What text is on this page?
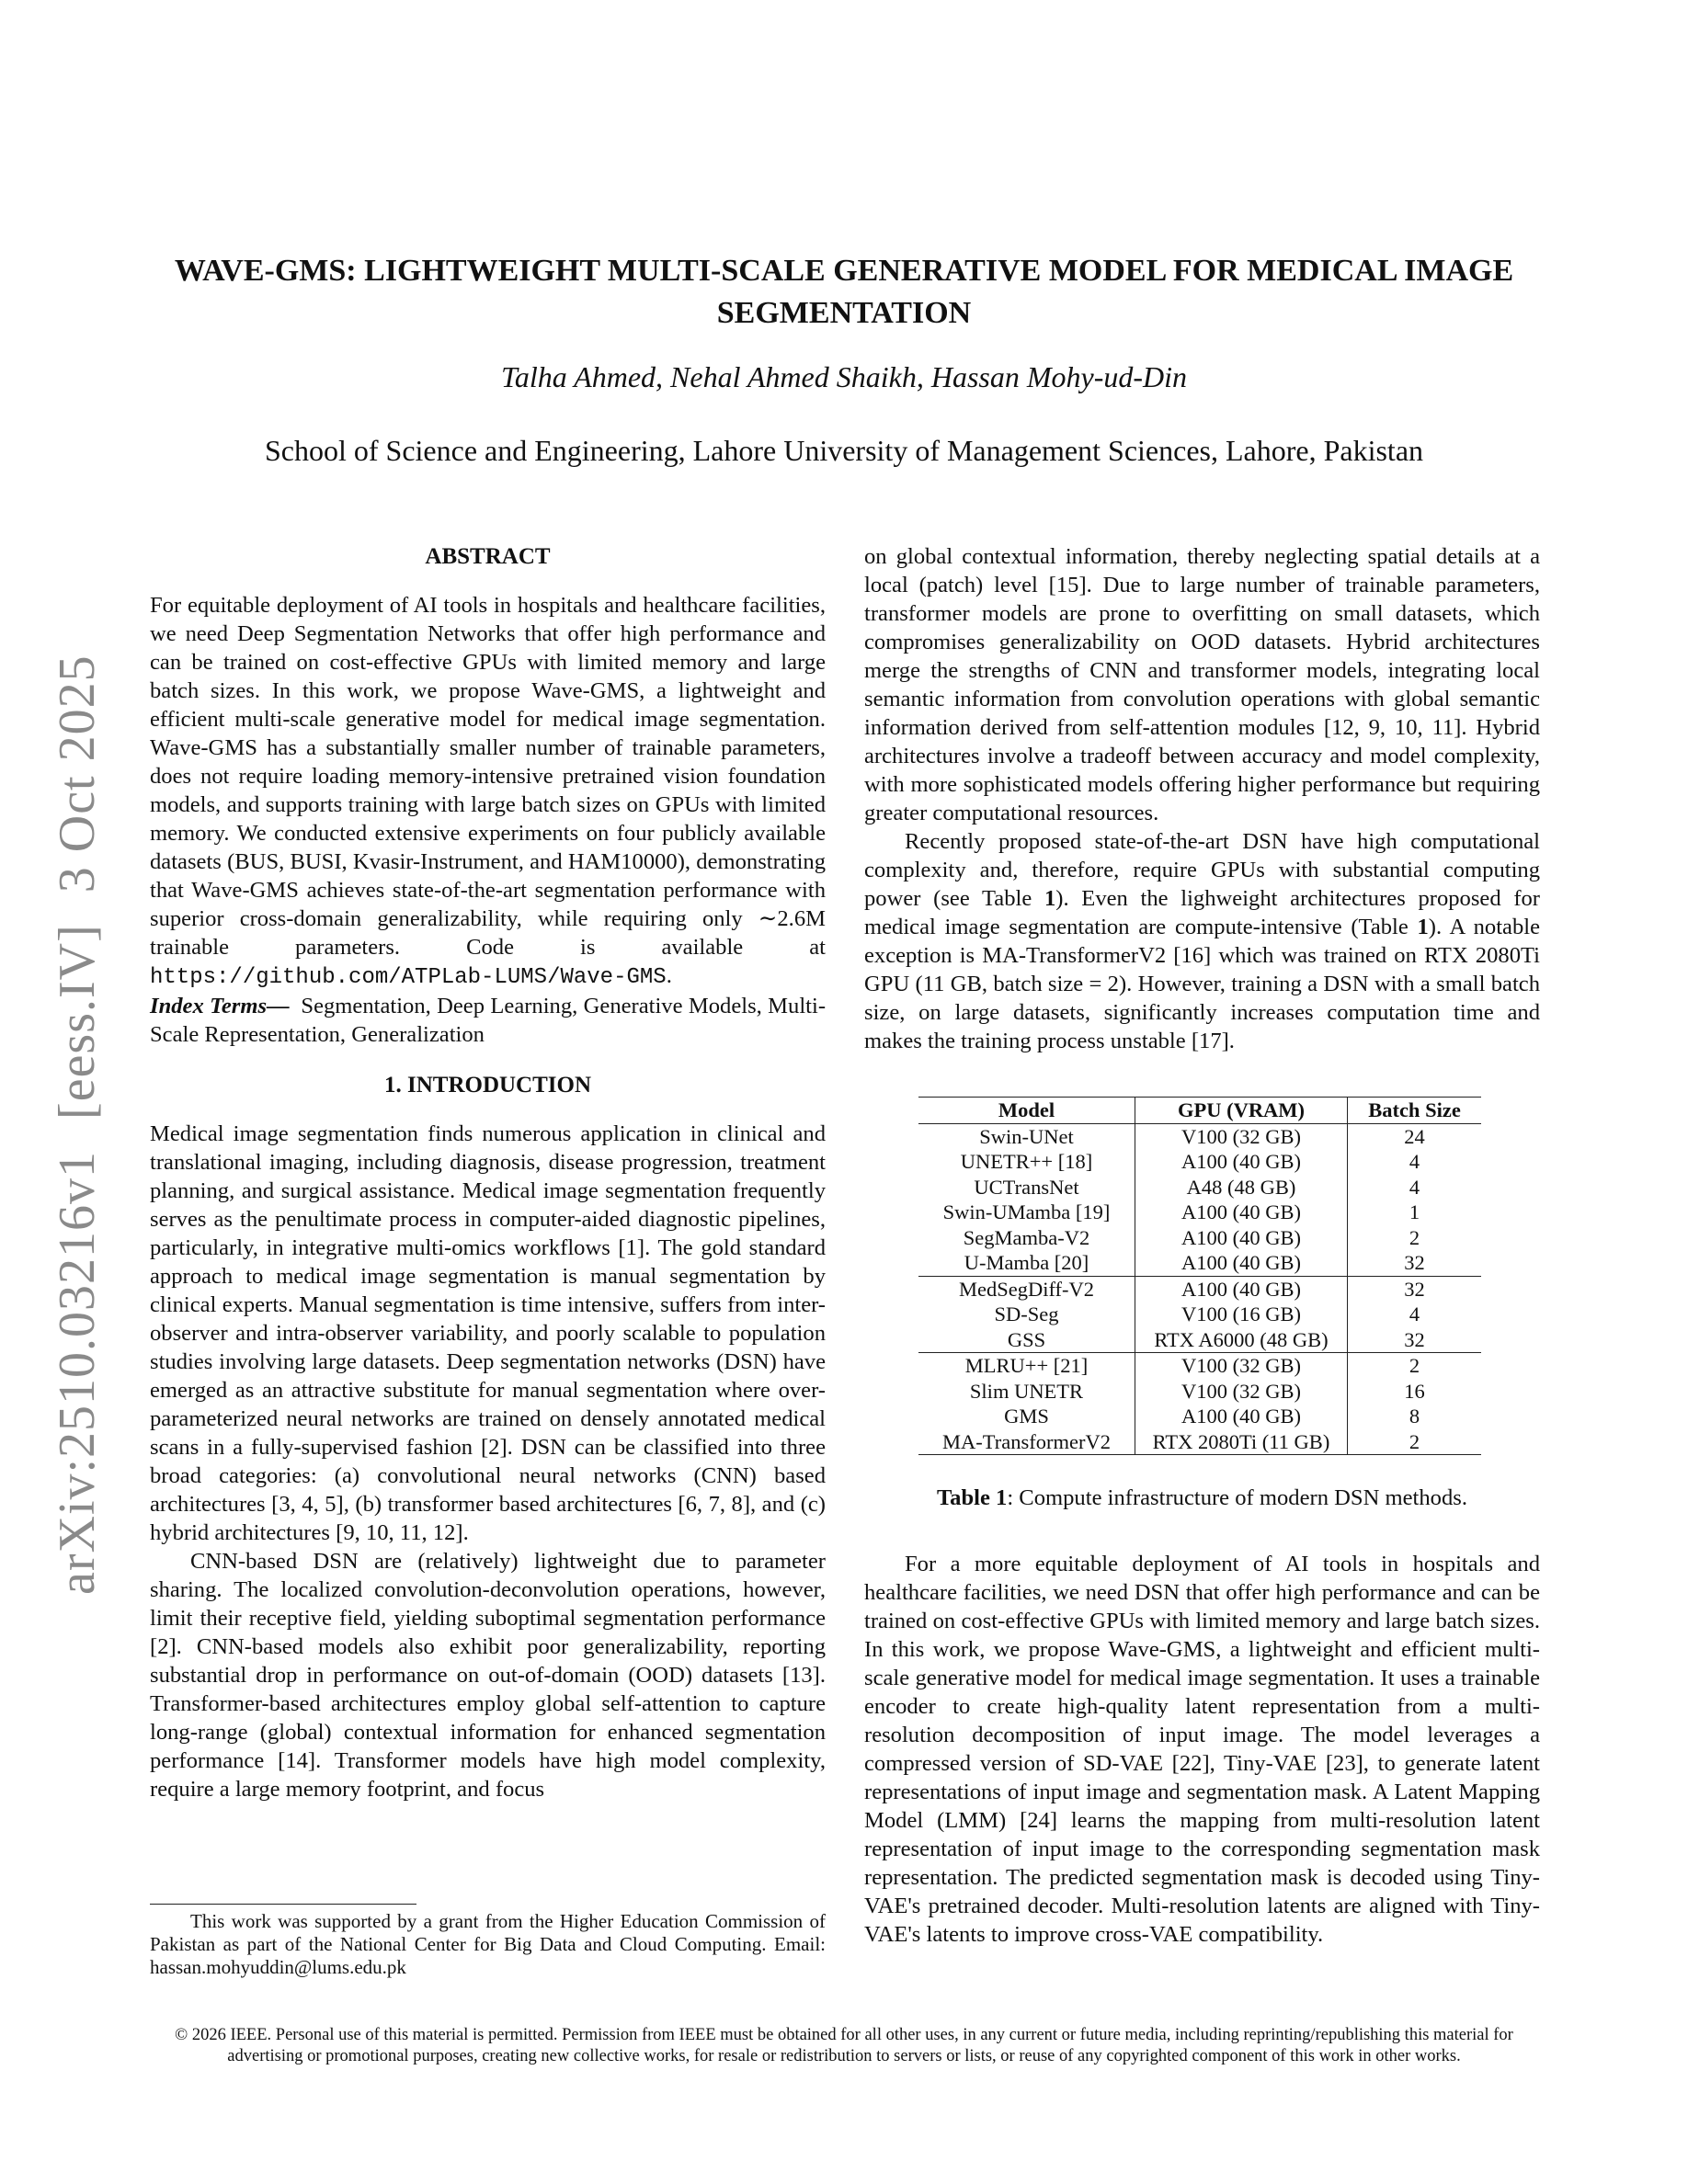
arXiv:2510.03216v1[eess.IV]3 Oct 2025
WAVE-GMS: LIGHTWEIGHT MULTI-SCALE GENERATIVE MODEL FOR MEDICAL IMAGE SEGMENTATION
Talha Ahmed, Nehal Ahmed Shaikh, Hassan Mohy-ud-Din
School of Science and Engineering, Lahore University of Management Sciences, Lahore, Pakistan
ABSTRACT

For equitable deployment of AI tools in hospitals and healthcare facilities, we need Deep Segmentation Networks that offer high performance and can be trained on cost-effective GPUs with limited memory and large batch sizes. In this work, we propose Wave-GMS, a lightweight and efficient multi-scale generative model for medical image segmentation. Wave-GMS has a substantially smaller number of trainable parameters, does not require loading memory-intensive pretrained vision foundation models, and supports training with large batch sizes on GPUs with limited memory. We conducted extensive experiments on four publicly available datasets (BUS, BUSI, Kvasir-Instrument, and HAM10000), demonstrating that Wave-GMS achieves state-of-the-art segmentation performance with superior cross-domain generalizability, while requiring only ∼2.6M trainable parameters. Code is available at https://github.com/ATPLab-LUMS/Wave-GMS.

Index Terms— Segmentation, Deep Learning, Generative Models, Multi-Scale Representation, Generalization

1. INTRODUCTION

Medical image segmentation finds numerous application in clinical and translational imaging, including diagnosis, disease progression, treatment planning, and surgical assistance. Medical image segmentation frequently serves as the penultimate process in computer-aided diagnostic pipelines, particularly, in integrative multi-omics workflows [1]. The gold standard approach to medical image segmentation is manual segmentation by clinical experts. Manual segmentation is time intensive, suffers from inter-observer and intra-observer variability, and poorly scalable to population studies involving large datasets. Deep segmentation networks (DSN) have emerged as an attractive substitute for manual segmentation where over-parameterized neural networks are trained on densely annotated medical scans in a fully-supervised fashion [2]. DSN can be classified into three broad categories: (a) convolutional neural networks (CNN) based architectures [3, 4, 5], (b) transformer based architectures [6, 7, 8], and (c) hybrid architectures [9, 10, 11, 12].

CNN-based DSN are (relatively) lightweight due to parameter sharing. The localized convolution-deconvolution operations, however, limit their receptive field, yielding suboptimal segmentation performance [2]. CNN-based models also exhibit poor generalizability, reporting substantial drop in performance on out-of-domain (OOD) datasets [13]. Transformer-based architectures employ global self-attention to capture long-range (global) contextual information for enhanced segmentation performance [14]. Transformer models have high model complexity, require a large memory footprint, and focus

This work was supported by a grant from the Higher Education Commission of Pakistan as part of the National Center for Big Data and Cloud Computing. Email: hassan.mohyuddin@lums.edu.pk

on global contextual information, thereby neglecting spatial details at a local (patch) level [15]. Due to large number of trainable parameters, transformer models are prone to overfitting on small datasets, which compromises generalizability on OOD datasets. Hybrid architectures merge the strengths of CNN and transformer models, integrating local semantic information from convolution operations with global semantic information derived from self-attention modules [12, 9, 10, 11]. Hybrid architectures involve a tradeoff between accuracy and model complexity, with more sophisticated models offering higher performance but requiring greater computational resources.

Recently proposed state-of-the-art DSN have high computational complexity and, therefore, require GPUs with substantial computing power (see Table 1). Even the lighweight architectures proposed for medical image segmentation are compute-intensive (Table 1). A notable exception is MA-TransformerV2 [16] which was trained on RTX 2080Ti GPU (11 GB, batch size = 2). However, training a DSN with a small batch size, on large datasets, significantly increases computation time and makes the training process unstable [17].

Model	GPU (VRAM)	Batch Size
Swin-UNet	V100 (32 GB)	24
UNETR++ [18]	A100 (40 GB)	4
UCTransNet	A48 (48 GB)	4
Swin-UMamba [19]	A100 (40 GB)	1
SegMamba-V2	A100 (40 GB)	2
U-Mamba [20]	A100 (40 GB)	32
MedSegDiff-V2	A100 (40 GB)	32
SD-Seg	V100 (16 GB)	4
GSS	RTX A6000 (48 GB)	32
MLRU++ [21]	V100 (32 GB)	2
Slim UNETR	V100 (32 GB)	16
GMS	A100 (40 GB)	8
MA-TransformerV2	RTX 2080Ti (11 GB)	2
Table 1: Compute infrastructure of modern DSN methods.

For a more equitable deployment of AI tools in hospitals and healthcare facilities, we need DSN that offer high performance and can be trained on cost-effective GPUs with limited memory and large batch sizes. In this work, we propose Wave-GMS, a lightweight and efficient multi-scale generative model for medical image segmentation. It uses a trainable encoder to create high-quality latent representation from a multi-resolution decomposition of input image. The model leverages a compressed version of SD-VAE [22], Tiny-VAE [23], to generate latent representations of input image and segmentation mask. A Latent Mapping Model (LMM) [24] learns the mapping from multi-resolution latent representation of input image to the corresponding segmentation mask representation. The predicted segmentation mask is decoded using Tiny-VAE's pretrained decoder. Multi-resolution latents are aligned with Tiny-VAE's latents to improve cross-VAE compatibility.

© 2026 IEEE. Personal use of this material is permitted. Permission from IEEE must be obtained for all other uses, in any current or future media, including reprinting/republishing this material for advertising or promotional purposes, creating new collective works, for resale or redistribution to servers or lists, or reuse of any copyrighted component of this work in other works.
